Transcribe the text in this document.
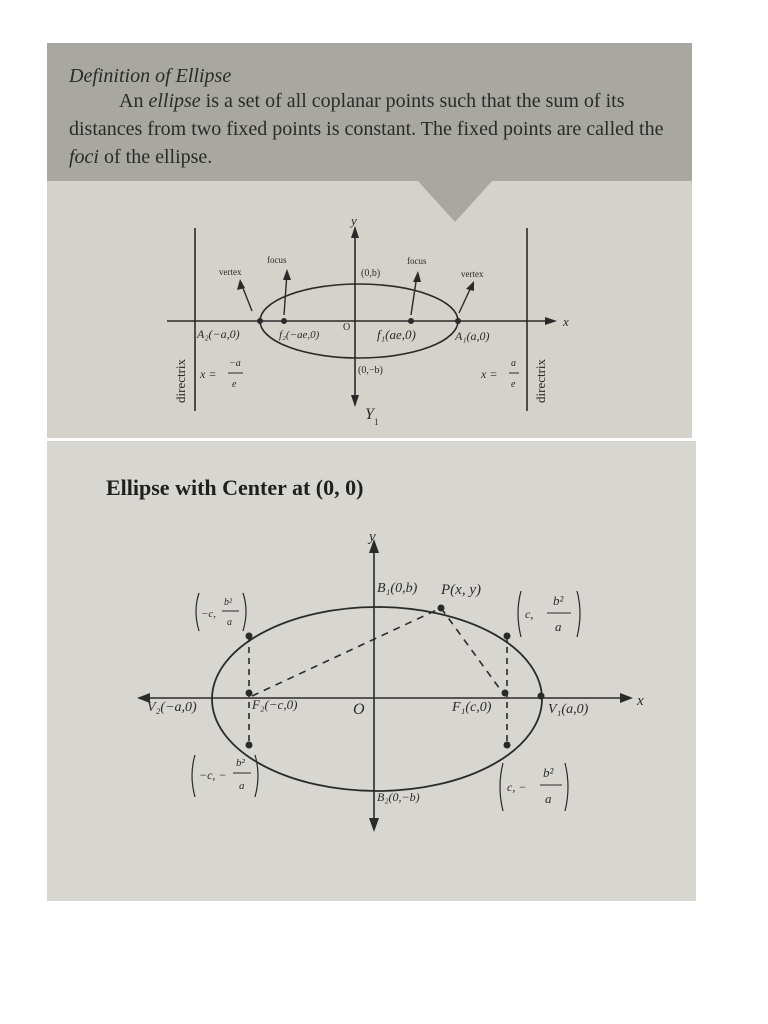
Definition of Ellipse
An ellipse is a set of all coplanar points such that the sum of its distances from two fixed points is constant. The fixed points are called the foci of the ellipse.
y
x
Y 1
O
directrix	directrix
vertex	vertex
focus	focus
(0,b)
(0,−b)
A₂(−a,0)	A₁(a,0)
f₂(−ae,0)	f₁(ae,0)
x =
−a
e
x =
a
e
Ellipse with Center at (0, 0)
y
x
O
B₁(0,b)
B₂(0,−b)
P(x, y)
V₁(a,0)
V₂(−a,0)	F₁(c,0)
F₂(−c,0)
−c,
b²
a
c,
b²
a
−c, −
b²
a	c, −
b²
a
